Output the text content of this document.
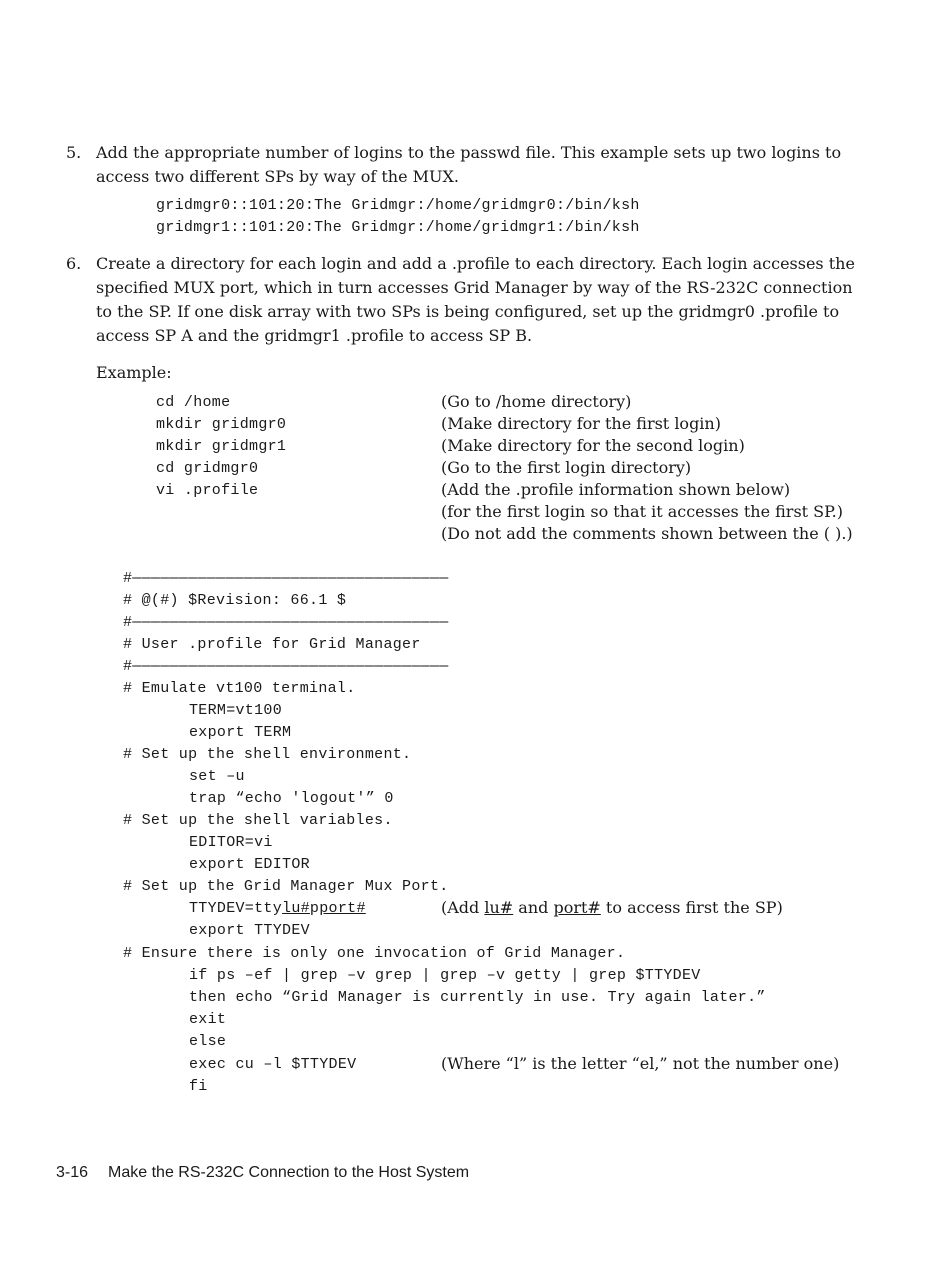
5. Add the appropriate number of logins to the passwd file. This example sets up two logins to access two different SPs by way of the MUX.
gridmgr0::101:20:The Gridmgr:/home/gridmgr0:/bin/ksh
gridmgr1::101:20:The Gridmgr:/home/gridmgr1:/bin/ksh
6. Create a directory for each login and add a .profile to each directory. Each login accesses the specified MUX port, which in turn accesses Grid Manager by way of the RS-232C connection to the SP. If one disk array with two SPs is being configured, set up the gridmgr0 .profile to access SP A and the gridmgr1 .profile to access SP B.
Example:
cd /home
mkdir gridmgr0
mkdir gridmgr1
cd gridmgr0
vi .profile
(Go to /home directory)
(Make directory for the first login)
(Make directory for the second login)
(Go to the first login directory)
(Add the .profile information shown below)
(for the first login so that it accesses the first SP.)
(Do not add the comments shown between the ( ).)
#——————————————————————————————————
# @(#) $Revision: 66.1 $
#——————————————————————————————————
# User .profile for Grid Manager
#——————————————————————————————————
# Emulate vt100 terminal.
TERM=vt100
export TERM
# Set up the shell environment.
set –u
trap “echo 'logout'” 0
# Set up the shell variables.
EDITOR=vi
export EDITOR
# Set up the Grid Manager Mux Port.
TTYDEV=ttylu#pport#	(Add lu# and port# to access first the SP)
export TTYDEV
# Ensure there is only one invocation of Grid Manager.
if ps –ef | grep –v grep | grep –v getty | grep $TTYDEV
then echo “Grid Manager is currently in use. Try again later.”
exit
else
exec cu –l $TTYDEV	(Where “l” is the letter “el,” not the number one)
fi
3-16 Make the RS-232C Connection to the Host System
